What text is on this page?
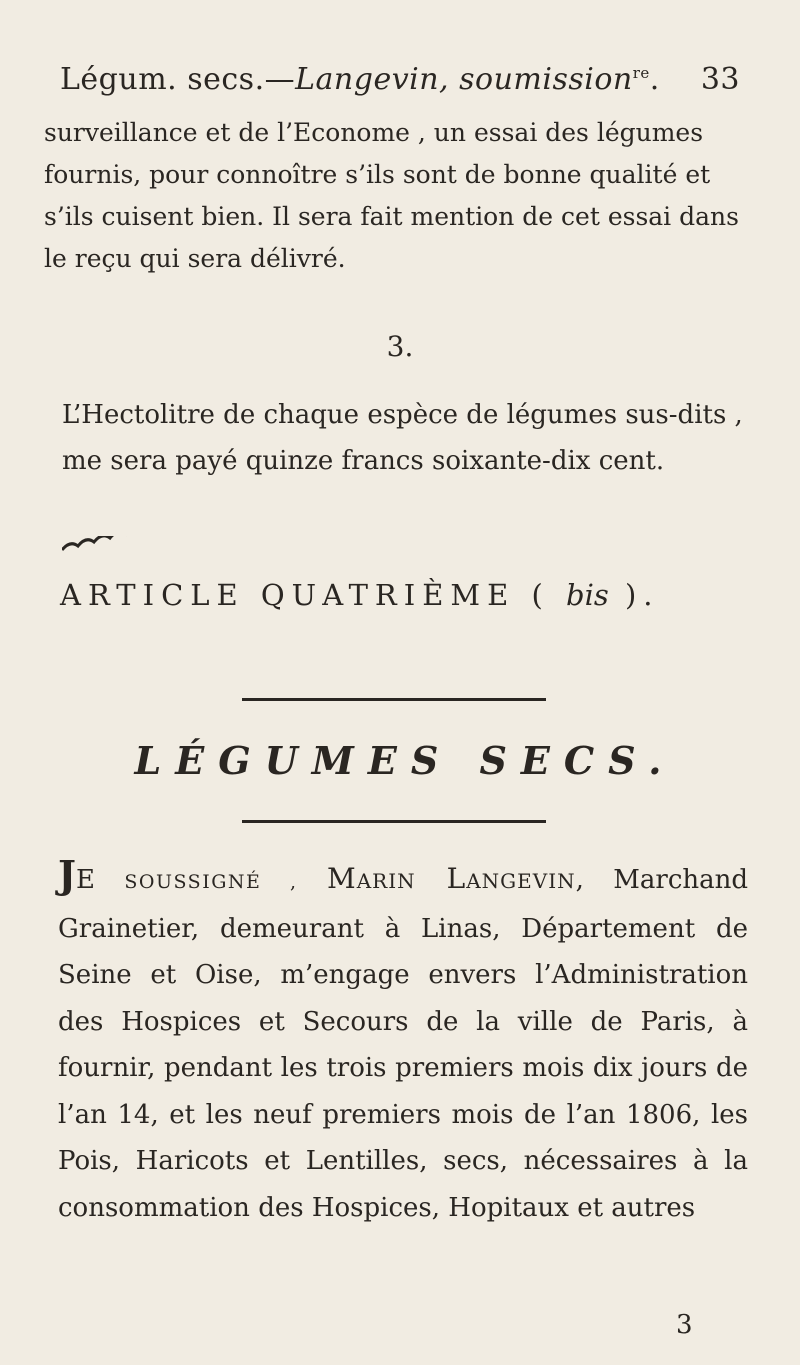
Légum. secs.—Langevin, soumission$^{re}$. 33

surveillance et de l’Econome , un essai des légumes fournis, pour connoître s’ils sont de bonne qualité et s’ils cuisent bien. Il sera fait mention de cet essai dans le reçu qui sera délivré.

3.

L’Hectolitre de chaque espèce de légumes sus-dits , me sera payé quinze francs soixante-dix cent.

ARTICLE QUATRIÈME ( bis ).
LÉGUMES SECS.

JE SOUSSIGNÉ , Marin Langevin, Marchand Grainetier, demeurant à Linas, Département de Seine et Oise, m’engage envers l’Administration des Hospices et Secours de la ville de Paris, à fournir, pendant les trois premiers mois dix jours de l’an 14, et les neuf premiers mois de l’an 1806, les Pois, Haricots et Lentilles, secs, nécessaires à la consommation des Hospices, Hopitaux et autres

3
